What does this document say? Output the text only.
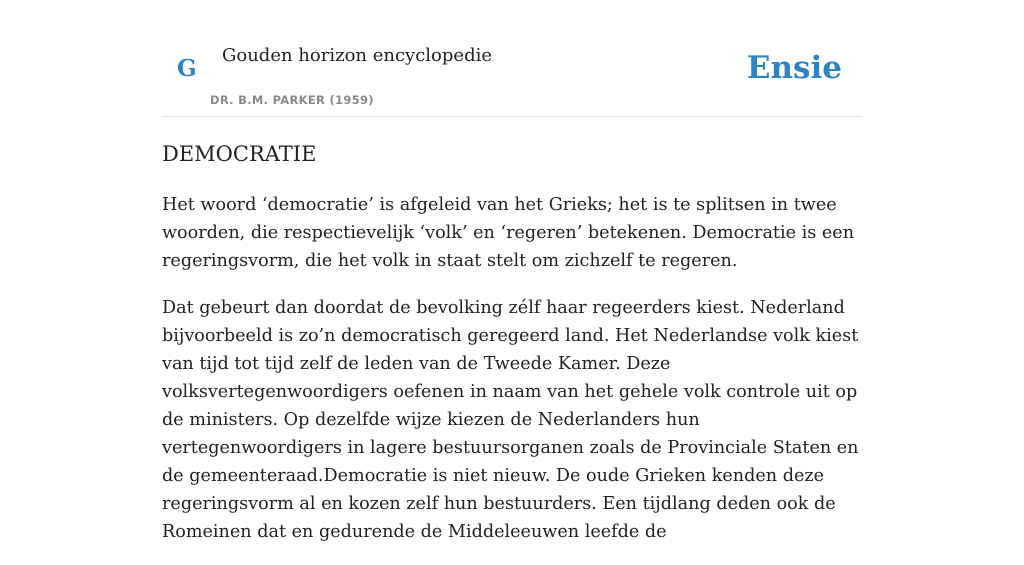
G Gouden horizon encyclopedie
DR. B.M. PARKER (1959)
Ensie
DEMOCRATIE

Het woord ‘democratie’ is afgeleid van het Grieks; het is te splitsen in twee woorden, die respectievelijk ‘volk’ en ‘regeren’ betekenen. Democratie is een regeringsvorm, die het volk in staat stelt om zichzelf te regeren.

Dat gebeurt dan doordat de bevolking zélf haar regeerders kiest. Nederland bijvoorbeeld is zo’n democratisch geregeerd land. Het Nederlandse volk kiest van tijd tot tijd zelf de leden van de Tweede Kamer. Deze volksvertegenwoordigers oefenen in naam van het gehele volk controle uit op de ministers. Op dezelfde wijze kiezen de Nederlanders hun vertegenwoordigers in lagere bestuursorganen zoals de Provinciale Staten en de gemeenteraad.Democratie is niet nieuw. De oude Grieken kenden deze regeringsvorm al en kozen zelf hun bestuurders. Een tijdlang deden ook de Romeinen dat en gedurende de Middeleeuwen leefde de
